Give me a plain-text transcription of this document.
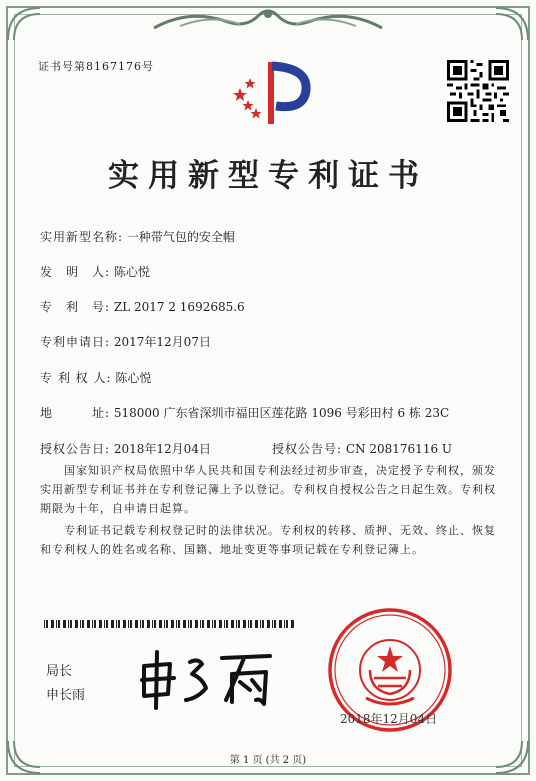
证书号第8167176号
实用新型专利证书
实用新型名称: 一种带气包的安全帽
发　明　人: 陈心悦
专　利　号: ZL 2017 2 1692685.6
专利申请日: 2017年12月07日
专 利 权 人: 陈心悦
地　　　址: 518000 广东省深圳市福田区莲花路 1096 号彩田村 6 栋 23C
授权公告日: 2018年12月04日	授权公告号: CN 208176116 U
国家知识产权局依照中华人民共和国专利法经过初步审查，决定授予专利权，颁发实用新型专利证书并在专利登记簿上予以登记。专利权自授权公告之日起生效。专利权期限为十年，自申请日起算。
专利证书记载专利权登记时的法律状况。专利权的转移、质押、无效、终止、恢复和专利权人的姓名或名称、国籍、地址变更等事项记载在专利登记簿上。
局长
申长雨
2018年12月04日
第 1 页 (共 2 页)
